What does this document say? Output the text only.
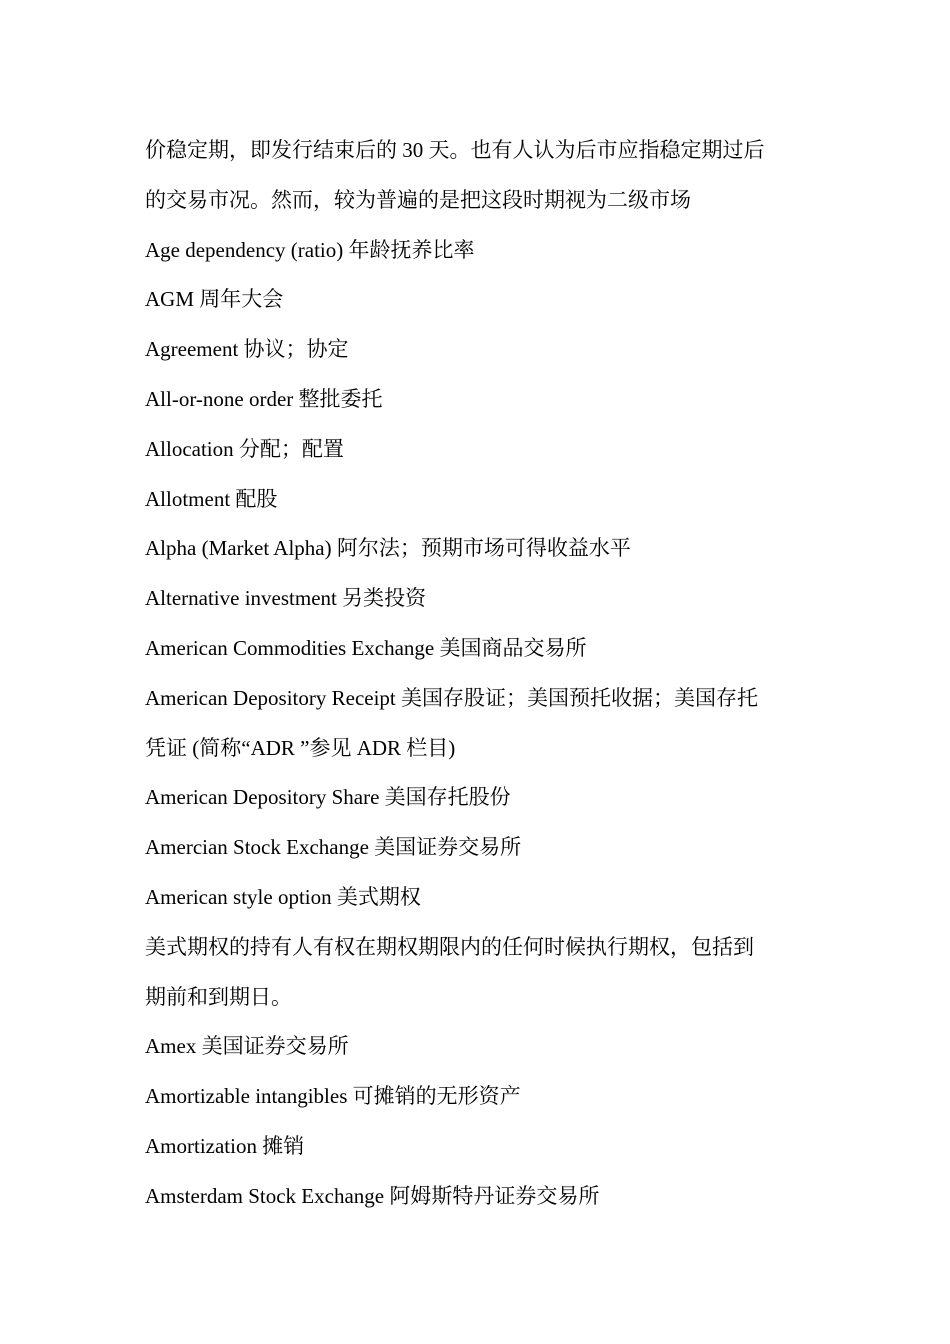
价稳定期，即发行结束后的 30 天。也有人认为后市应指稳定期过后

的交易市况。然而，较为普遍的是把这段时期视为二级市场

Age dependency (ratio) 年龄抚养比率

AGM 周年大会

Agreement 协议；协定

All-or-none order 整批委托

Allocation 分配；配置

Allotment 配股

Alpha (Market Alpha) 阿尔法；预期市场可得收益水平

Alternative investment 另类投资

American Commodities Exchange 美国商品交易所

American Depository Receipt 美国存股证；美国预托收据；美国存托

凭证 (简称“ADR ”参见 ADR 栏目)

American Depository Share 美国存托股份

Amercian Stock Exchange 美国证券交易所

American style option 美式期权

美式期权的持有人有权在期权期限内的任何时候执行期权，包括到

期前和到期日。

Amex 美国证券交易所

Amortizable intangibles 可摊销的无形资产

Amortization 摊销

Amsterdam Stock Exchange 阿姆斯特丹证券交易所
